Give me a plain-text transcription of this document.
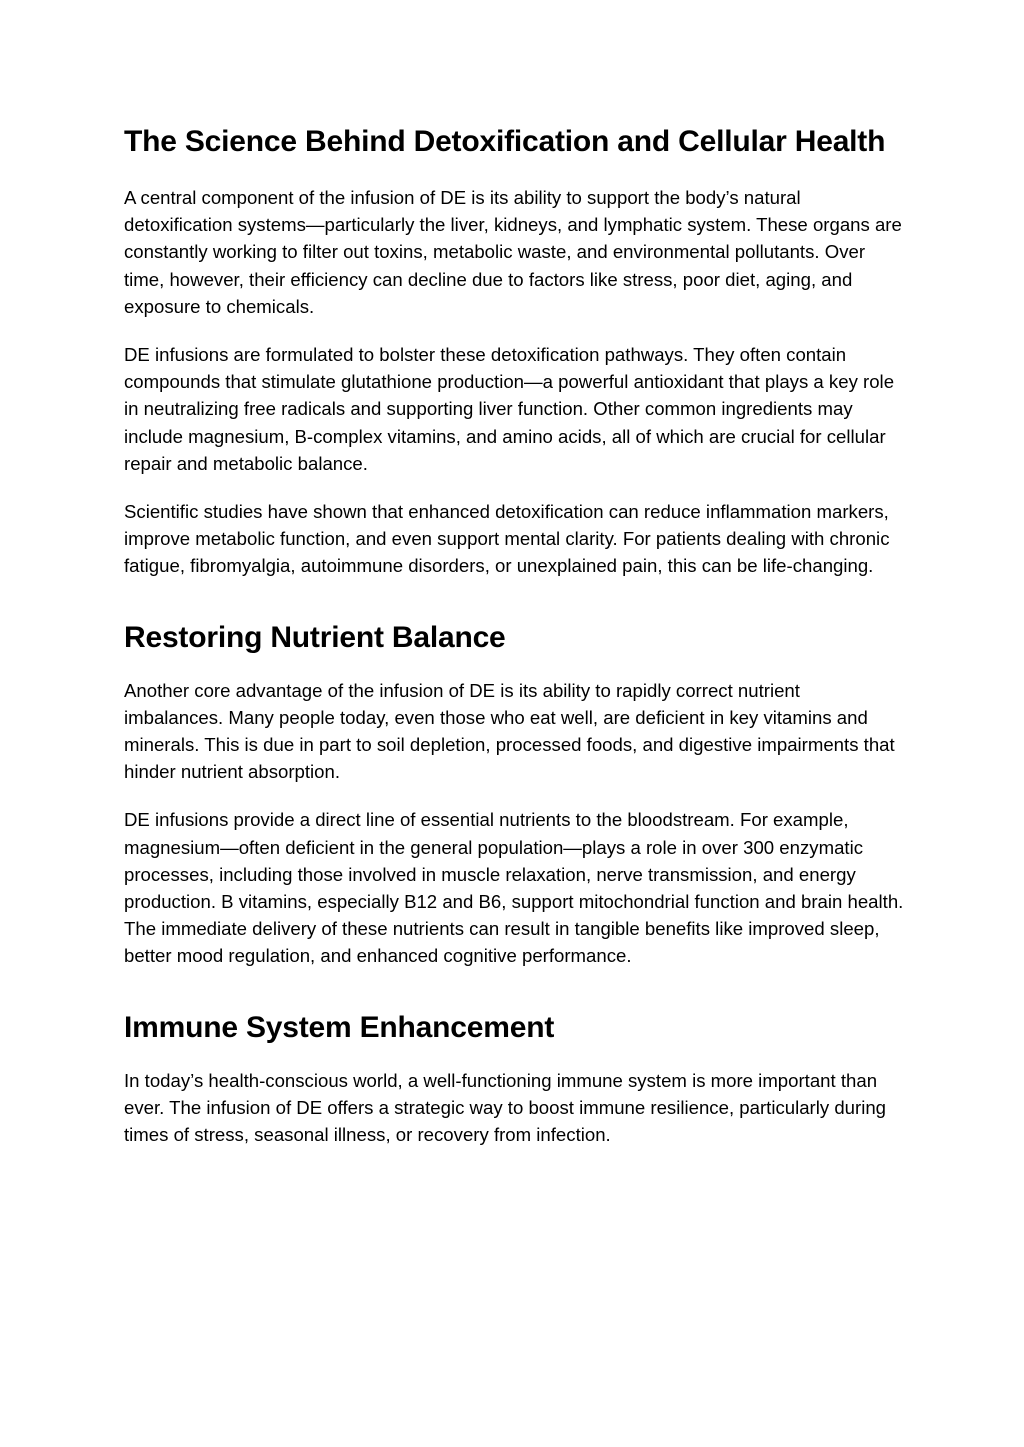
The Science Behind Detoxification and Cellular Health

A central component of the infusion of DE is its ability to support the body’s natural detoxification systems—particularly the liver, kidneys, and lymphatic system. These organs are constantly working to filter out toxins, metabolic waste, and environmental pollutants. Over time, however, their efficiency can decline due to factors like stress, poor diet, aging, and exposure to chemicals.

DE infusions are formulated to bolster these detoxification pathways. They often contain compounds that stimulate glutathione production—a powerful antioxidant that plays a key role in neutralizing free radicals and supporting liver function. Other common ingredients may include magnesium, B-complex vitamins, and amino acids, all of which are crucial for cellular repair and metabolic balance.

Scientific studies have shown that enhanced detoxification can reduce inflammation markers, improve metabolic function, and even support mental clarity. For patients dealing with chronic fatigue, fibromyalgia, autoimmune disorders, or unexplained pain, this can be life-changing.

Restoring Nutrient Balance

Another core advantage of the infusion of DE is its ability to rapidly correct nutrient imbalances. Many people today, even those who eat well, are deficient in key vitamins and minerals. This is due in part to soil depletion, processed foods, and digestive impairments that hinder nutrient absorption.

DE infusions provide a direct line of essential nutrients to the bloodstream. For example, magnesium—often deficient in the general population—plays a role in over 300 enzymatic processes, including those involved in muscle relaxation, nerve transmission, and energy production. B vitamins, especially B12 and B6, support mitochondrial function and brain health. The immediate delivery of these nutrients can result in tangible benefits like improved sleep, better mood regulation, and enhanced cognitive performance.

Immune System Enhancement

In today’s health-conscious world, a well-functioning immune system is more important than ever. The infusion of DE offers a strategic way to boost immune resilience, particularly during times of stress, seasonal illness, or recovery from infection.
